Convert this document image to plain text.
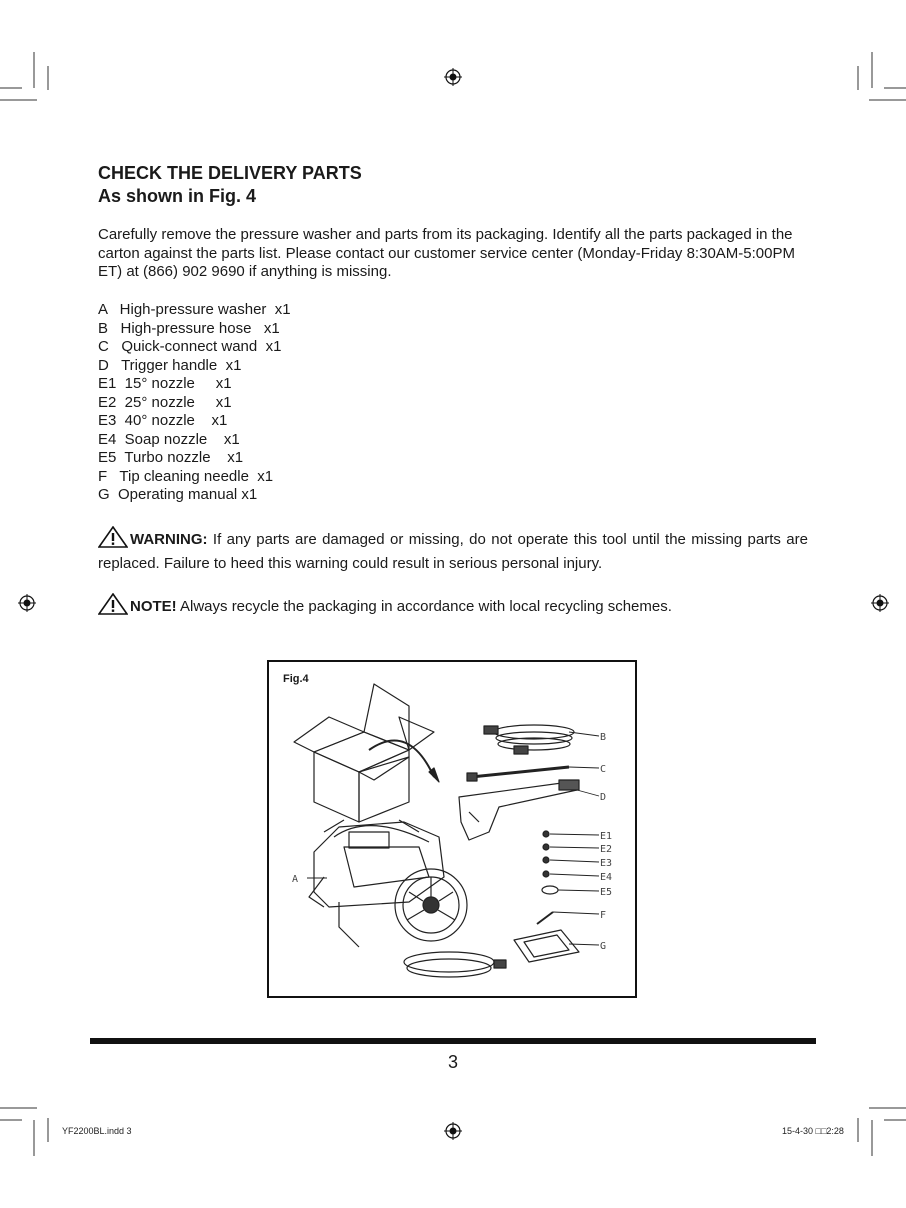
CHECK THE DELIVERY PARTS
As shown in Fig. 4

Carefully remove the pressure washer and parts from its packaging. Identify all the parts packaged in the carton against the parts list. Please contact our customer service center (Monday-Friday 8:30AM-5:00PM ET) at (866) 902 9690 if anything is missing.

A   High-pressure washer  x1
B   High-pressure hose   x1
C   Quick-connect wand  x1
D   Trigger handle  x1
E1  15° nozzle     x1
E2  25° nozzle     x1
E3  40° nozzle    x1
E4  Soap nozzle    x1
E5  Turbo nozzle    x1
F   Tip cleaning needle  x1
G  Operating manual x1

WARNING: If any parts are damaged or missing, do not operate this tool until the missing parts are replaced. Failure to heed this warning could result in serious personal injury.

NOTE! Always recycle the packaging in accordance with local recycling schemes.

Fig.4
B
C
D
E1
E2
E3
E4
E5
F
G
A
3
YF2200BL.indd 3	15-4-30 □□2:28
